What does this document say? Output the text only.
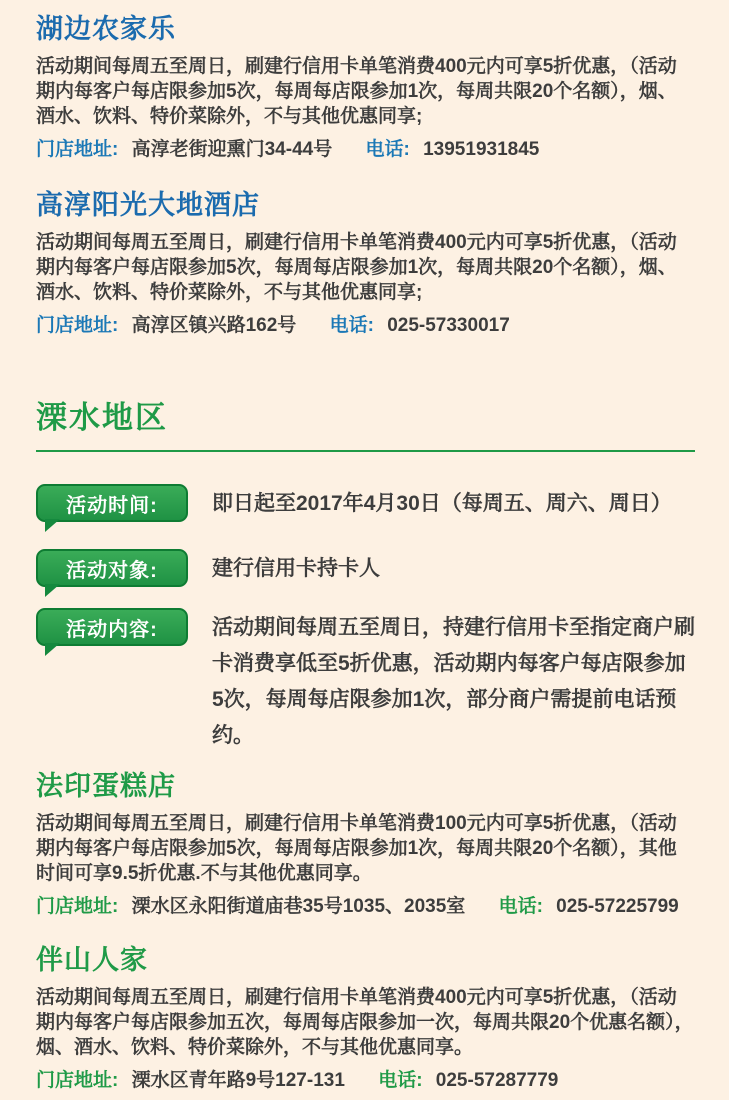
湖边农家乐

活动期间每周五至周日，刷建行信用卡单笔消费400元内可享5折优惠，（活动期内每客户每店限参加5次，每周每店限参加1次，每周共限20个名额），烟、酒水、饮料、特价菜除外，不与其他优惠同享;

门店地址: 高淳老街迎熏门34-44号 电话: 13951931845

高淳阳光大地酒店

活动期间每周五至周日，刷建行信用卡单笔消费400元内可享5折优惠，（活动期内每客户每店限参加5次，每周每店限参加1次，每周共限20个名额），烟、酒水、饮料、特价菜除外，不与其他优惠同享;

门店地址: 高淳区镇兴路162号 电话: 025-57330017

溧水地区
活动时间:	即日起至2017年4月30日（每周五、周六、周日）
活动对象:	建行信用卡持卡人
活动内容:	活动期间每周五至周日，持建行信用卡至指定商户刷卡消费享低至5折优惠，活动期内每客户每店限参加5次，每周每店限参加1次，部分商户需提前电话预约。
法印蛋糕店

活动期间每周五至周日，刷建行信用卡单笔消费100元内可享5折优惠，（活动期内每客户每店限参加5次，每周每店限参加1次，每周共限20个名额），其他时间可享9.5折优惠.不与其他优惠同享。

门店地址: 溧水区永阳街道庙巷35号1035、2035室 电话: 025-57225799

伴山人家

活动期间每周五至周日，刷建行信用卡单笔消费400元内可享5折优惠，（活动期内每客户每店限参加五次，每周每店限参加一次，每周共限20个优惠名额），烟、酒水、饮料、特价菜除外，不与其他优惠同享。

门店地址: 溧水区青年路9号127-131 电话: 025-57287779
